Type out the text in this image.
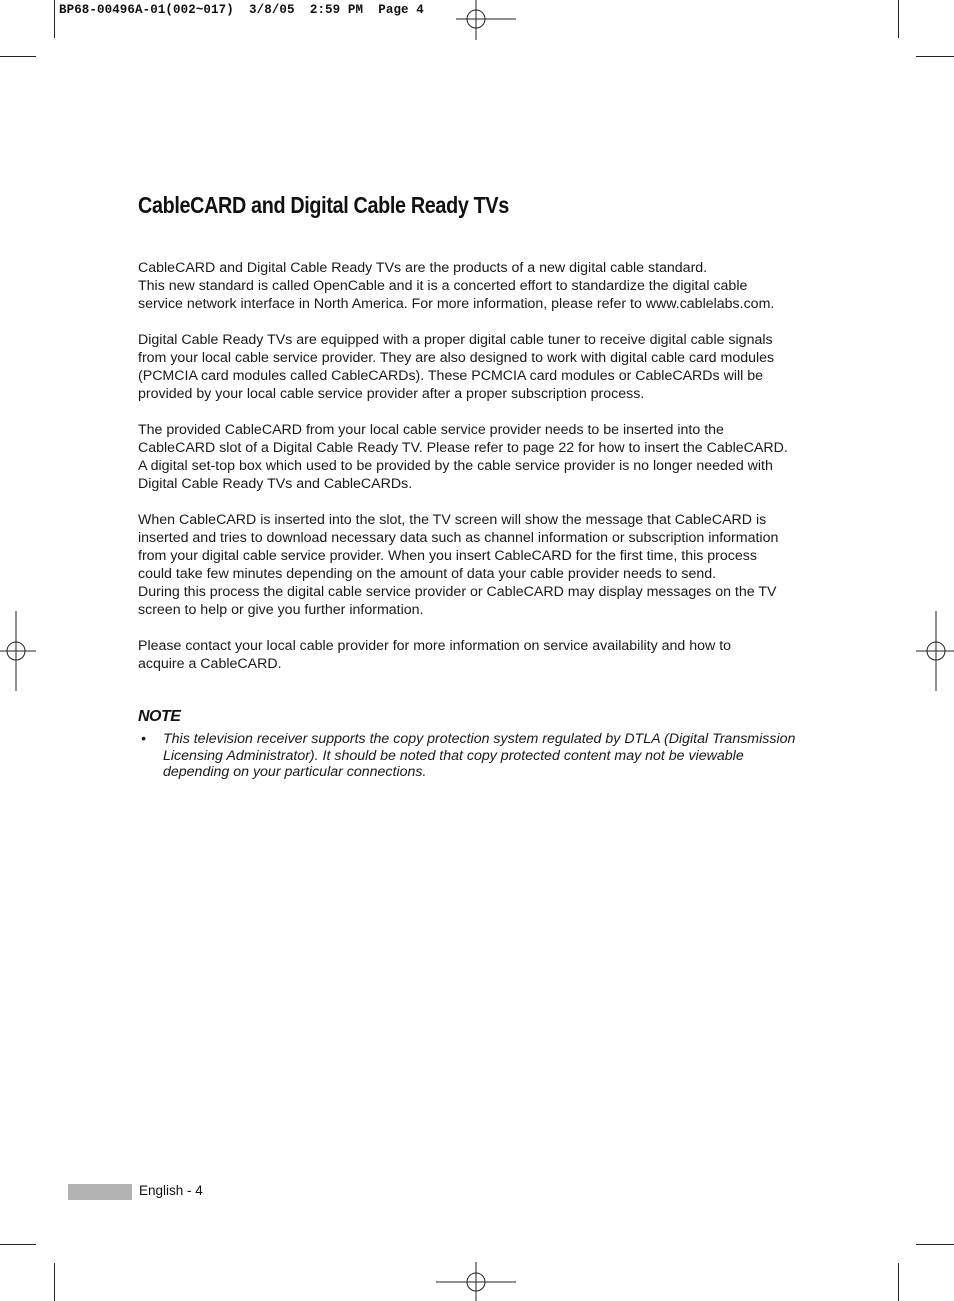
BP68-00496A-01(002~017)  3/8/05  2:59 PM  Page 4
CableCARD and Digital Cable Ready TVs

CableCARD and Digital Cable Ready TVs are the products of a new digital cable standard.
This new standard is called OpenCable and it is a concerted effort to standardize the digital cable
service network interface in North America. For more information, please refer to www.cablelabs.com.

Digital Cable Ready TVs are equipped with a proper digital cable tuner to receive digital cable signals
from your local cable service provider. They are also designed to work with digital cable card modules
(PCMCIA card modules called CableCARDs). These PCMCIA card modules or CableCARDs will be
provided by your local cable service provider after a proper subscription process.

The provided CableCARD from your local cable service provider needs to be inserted into the
CableCARD slot of a Digital Cable Ready TV. Please refer to page 22 for how to insert the CableCARD.
A digital set-top box which used to be provided by the cable service provider is no longer needed with
Digital Cable Ready TVs and CableCARDs.

When CableCARD is inserted into the slot, the TV screen will show the message that CableCARD is
inserted and tries to download necessary data such as channel information or subscription information
from your digital cable service provider. When you insert CableCARD for the first time, this process
could take few minutes depending on the amount of data your cable provider needs to send.
During this process the digital cable service provider or CableCARD may display messages on the TV
screen to help or give you further information.

Please contact your local cable provider for more information on service availability and how to
acquire a CableCARD.

NOTE
• This television receiver supports the copy protection system regulated by DTLA (Digital Transmission
Licensing Administrator). It should be noted that copy protected content may not be viewable
depending on your particular connections.
English - 4
